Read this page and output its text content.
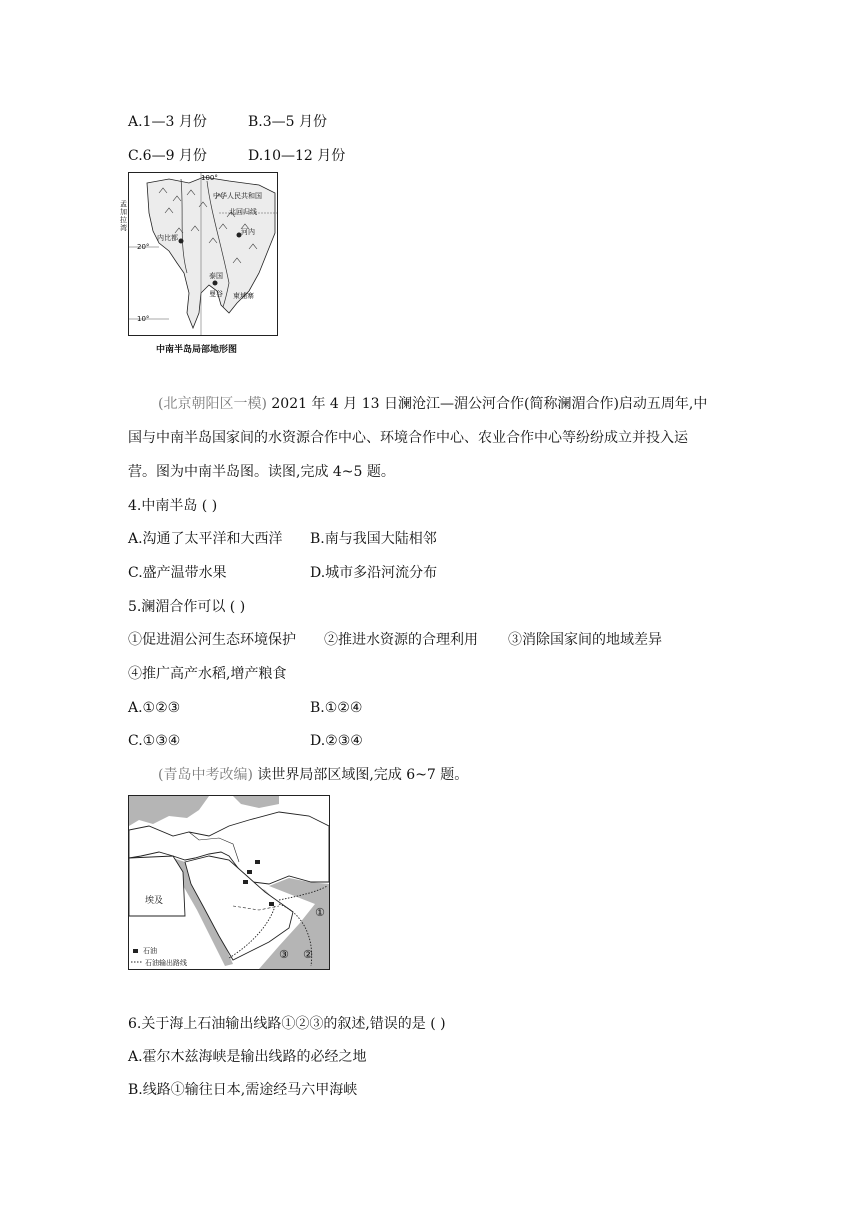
A.1—3 月份	B.3—5 月份
C.6—9 月份	D.10—12 月份
100°
中华人民共和国
北回归线
20°
10°
内比都
河内
曼谷
泰国
柬埔寨
孟加拉湾
中南半岛局部地形图
(北京朝阳区一模) 2021 年 4 月 13 日澜沧江—湄公河合作(简称澜湄合作)启动五周年,中
国与中南半岛国家间的水资源合作中心、环境合作中心、农业合作中心等纷纷成立并投入运
营。图为中南半岛图。读图,完成 4~5 题。
4.中南半岛 ( )
A.沟通了太平洋和大西洋 B.南与我国大陆相邻
C.盛产温带水果	D.城市多沿河流分布
5.澜湄合作可以 ( )
①促进湄公河生态环境保护 ②推进水资源的合理利用 ③消除国家间的地域差异
④推广高产水稻,增产粮食
A.①②③	B.①②④
C.①③④	D.②③④
(青岛中考改编) 读世界局部区域图,完成 6~7 题。
埃及
石油
石油输出路线
①
②
③
6.关于海上石油输出线路①②③的叙述,错误的是 ( )
A.霍尔木兹海峡是输出线路的必经之地
B.线路①输往日本,需途经马六甲海峡
